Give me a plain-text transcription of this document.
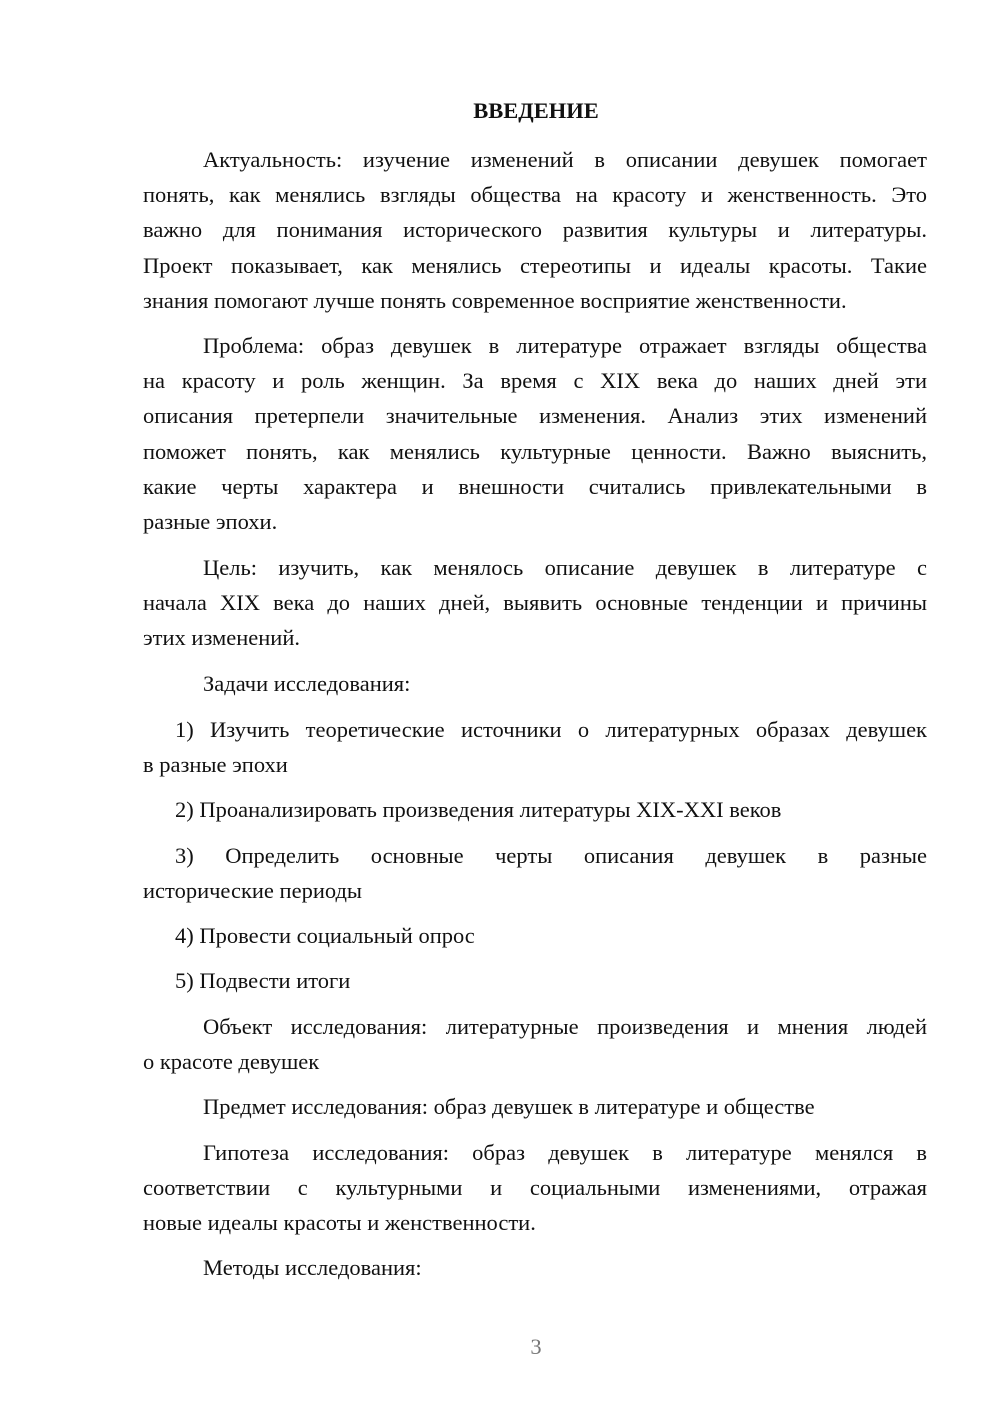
ВВЕДЕНИЕ
Актуальность: изучение изменений в описании девушек помогает
понять, как менялись взгляды общества на красоту и женственность. Это
важно для понимания исторического развития культуры и литературы.
Проект показывает, как менялись стереотипы и идеалы красоты. Такие
знания помогают лучше понять современное восприятие женственности.
Проблема: образ девушек в литературе отражает взгляды общества
на красоту и роль женщин. За время с XIX века до наших дней эти
описания претерпели значительные изменения. Анализ этих изменений
поможет понять, как менялись культурные ценности. Важно выяснить,
какие черты характера и внешности считались привлекательными в
разные эпохи.
Цель: изучить, как менялось описание девушек в литературе с
начала XIX века до наших дней, выявить основные тенденции и причины
этих изменений.
Задачи исследования:
1) Изучить теоретические источники о литературных образах девушек
в разные эпохи
2) Проанализировать произведения литературы XIX-XXI веков
3) Определить основные черты описания девушек в разные
исторические периоды
4) Провести социальный опрос
5) Подвести итоги
Объект исследования: литературные произведения и мнения людей
о красоте девушек
Предмет исследования: образ девушек в литературе и обществе
Гипотеза исследования: образ девушек в литературе менялся в
соответствии с культурными и социальными изменениями, отражая
новые идеалы красоты и женственности.
Методы исследования:
3
